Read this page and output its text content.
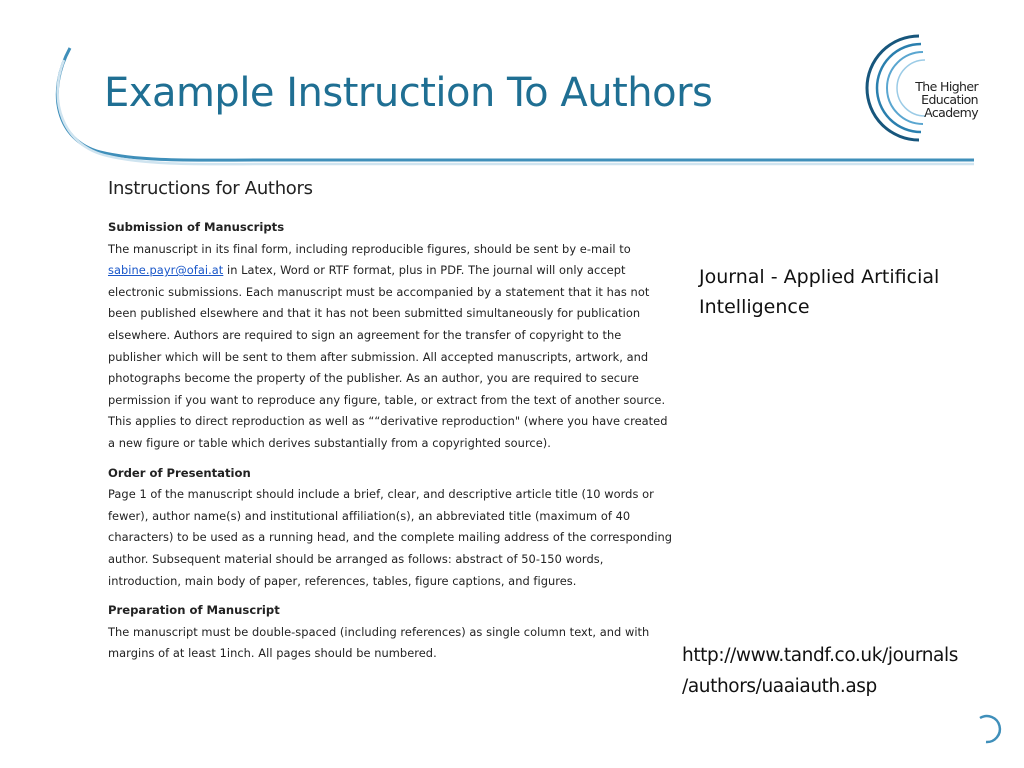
Example Instruction To Authors	The Higher
Education
Academy
Instructions for Authors
Submission of Manuscripts

The manuscript in its final form, including reproducible figures, should be sent by e-mail to sabine.payr@ofai.at in Latex, Word or RTF format, plus in PDF. The journal will only accept electronic submissions. Each manuscript must be accompanied by a statement that it has not been published elsewhere and that it has not been submitted simultaneously for publication elsewhere. Authors are required to sign an agreement for the transfer of copyright to the publisher which will be sent to them after submission. All accepted manuscripts, artwork, and photographs become the property of the publisher. As an author, you are required to secure permission if you want to reproduce any figure, table, or extract from the text of another source. This applies to direct reproduction as well as ““derivative reproduction" (where you have created a new figure or table which derives substantially from a copyrighted source).

Order of Presentation

Page 1 of the manuscript should include a brief, clear, and descriptive article title (10 words or fewer), author name(s) and institutional affiliation(s), an abbreviated title (maximum of 40 characters) to be used as a running head, and the complete mailing address of the corresponding author. Subsequent material should be arranged as follows: abstract of 50-150 words, introduction, main body of paper, references, tables, figure captions, and figures.

Preparation of Manuscript

The manuscript must be double-spaced (including references) as single column text, and with margins of at least 1inch. All pages should be numbered.

Journal - Applied Artificial
Intelligence
http://www.tandf.co.uk/journals
/authors/uaaiauth.asp
